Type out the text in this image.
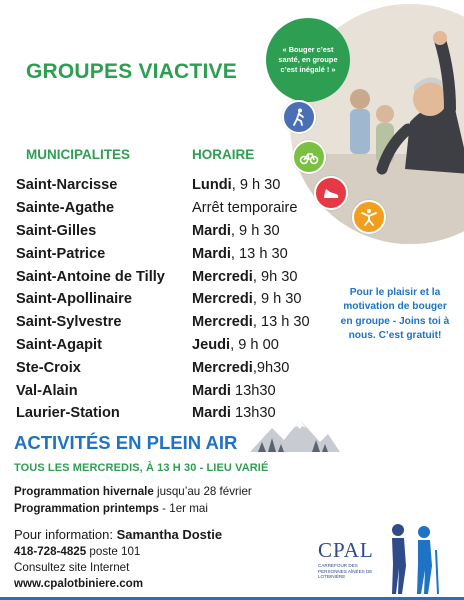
« Bouger c’est santé, en groupe c’est inégalé ! »
GROUPES VIACTIVE
MUNICIPALITES	HORAIRE
Saint-Narcisse	Lundi , 9 h 30
Sainte-Agathe	Arrêt temporaire
Saint-Gilles	Mardi , 9 h 30
Saint-Patrice	Mardi , 13 h 30
Saint-Antoine de Tilly	Mercredi , 9h 30
Saint-Apollinaire	Mercredi , 9 h 30
Saint-Sylvestre	Mercredi , 13 h 30
Saint-Agapit	Jeudi , 9 h 00
Ste-Croix	Mercredi ,9h30
Val-Alain	Mardi 13h30
Laurier-Station	Mardi 13h30
Pour le plaisir et la motivation de bouger en groupe - Joins toi à nous. C’est gratuit!
ACTIVITÉS EN PLEIN AIR
TOUS LES MERCREDIS, À 13 H 30 - LIEU VARIÉ
Programmation hivernale jusqu’au 28 février
Programmation printemps - 1er mai
Pour information: Samantha Dostie
418-728-4825 poste 101
Consultez site Internet
www.cpalotbiniere.com
CPAL
CARREFOUR DES PERSONNES AÎNÉES DE LOTBINIÈRE
